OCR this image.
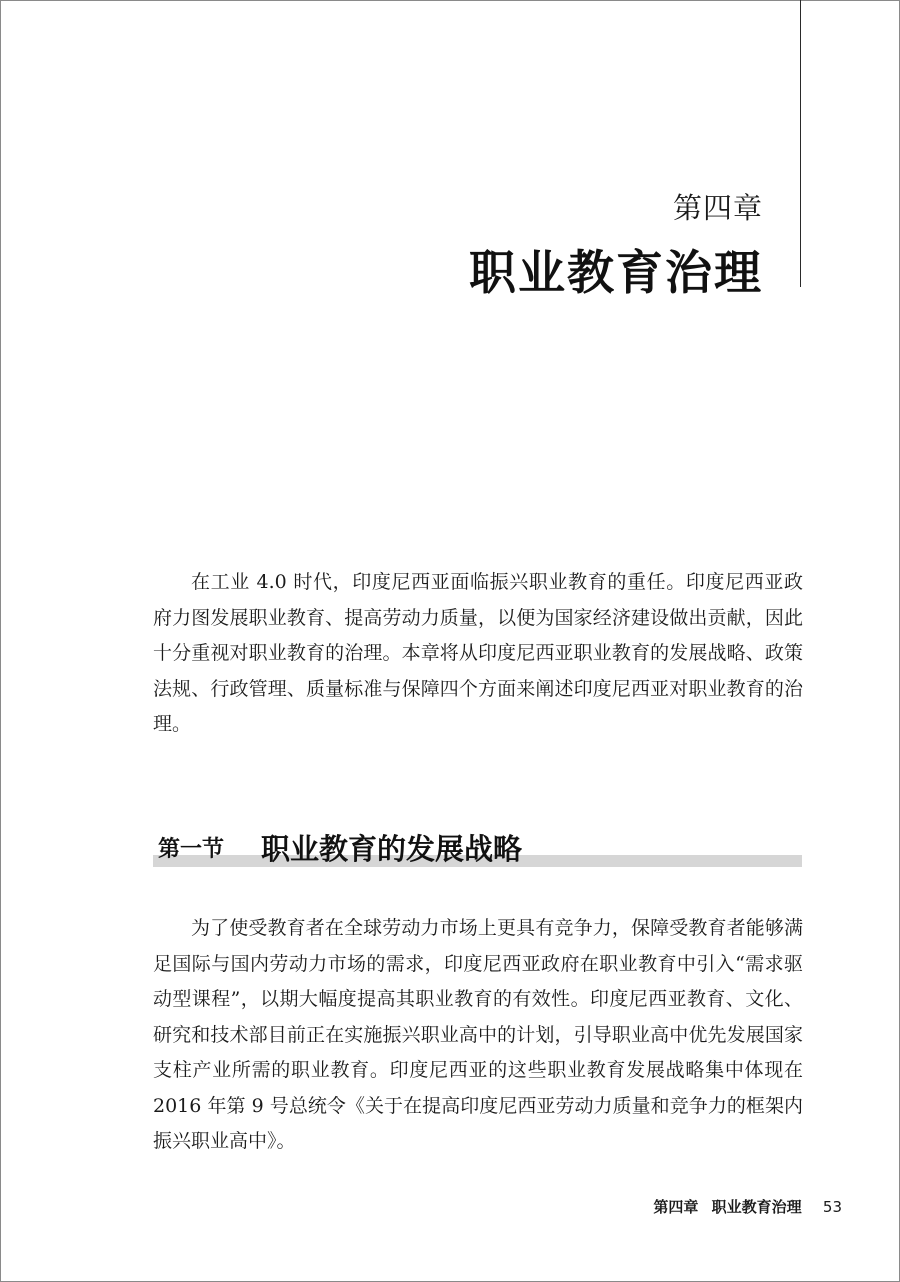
第四章
职业教育治理

在工业 4.0 时代，印度尼西亚面临振兴职业教育的重任。印度尼西亚政府力图发展职业教育、提高劳动力质量，以便为国家经济建设做出贡献，因此十分重视对职业教育的治理。本章将从印度尼西亚职业教育的发展战略、政策法规、行政管理、质量标准与保障四个方面来阐述印度尼西亚对职业教育的治理。

第一节 职业教育的发展战略

为了使受教育者在全球劳动力市场上更具有竞争力，保障受教育者能够满足国际与国内劳动力市场的需求，印度尼西亚政府在职业教育中引入“需求驱动型课程”，以期大幅度提高其职业教育的有效性。印度尼西亚教育、文化、研究和技术部目前正在实施振兴职业高中的计划，引导职业高中优先发展国家支柱产业所需的职业教育。印度尼西亚的这些职业教育发展战略集中体现在 2016 年第 9 号总统令《关于在提高印度尼西亚劳动力质量和竞争力的框架内振兴职业高中》。

第四章 职业教育治理 53
